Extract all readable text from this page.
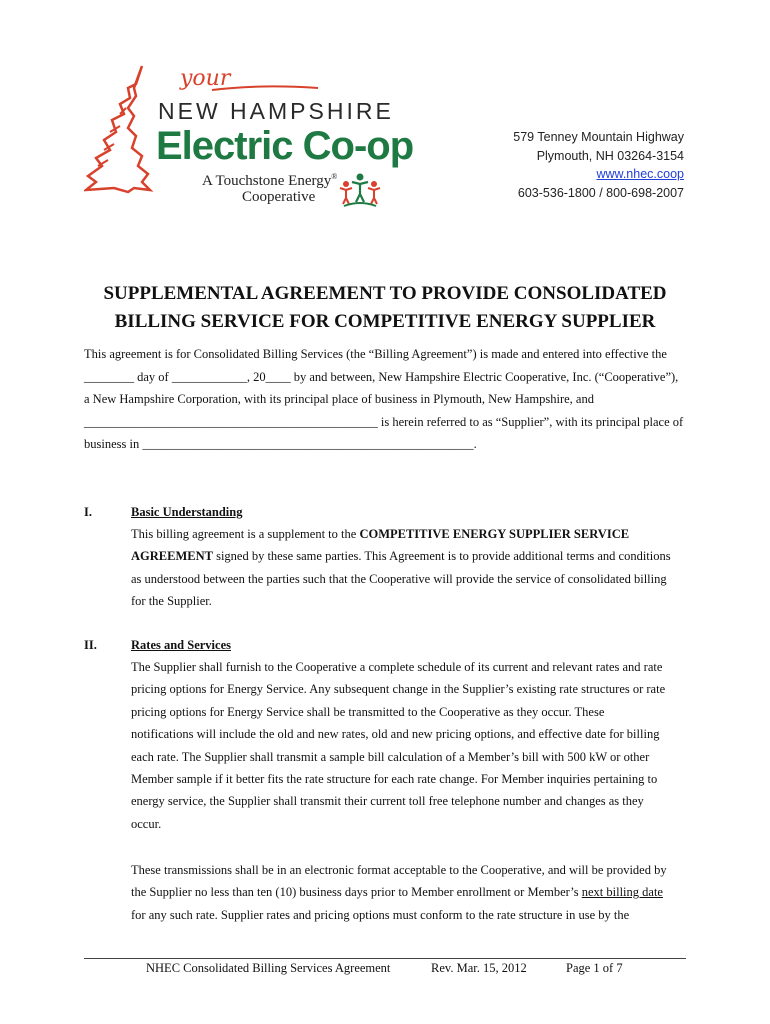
your
NEW HAMPSHIRE
Electric Co-op
A Touchstone Energy®
Cooperative
579 Tenney Mountain Highway
Plymouth, NH 03264-3154
www.nhec.coop
603-536-1800 / 800-698-2007
SUPPLEMENTAL AGREEMENT TO PROVIDE CONSOLIDATED
BILLING SERVICE FOR COMPETITIVE ENERGY SUPPLIER
This agreement is for Consolidated Billing Services (the “Billing Agreement”) is made and entered into effective the
________ day of ____________, 20____ by and between, New Hampshire Electric Cooperative, Inc. (“Cooperative”),
a New Hampshire Corporation, with its principal place of business in Plymouth, New Hampshire, and
_______________________________________________ is herein referred to as “Supplier”, with its principal place of
business in _____________________________________________________.
I.	Basic Understanding
This billing agreement is a supplement to the COMPETITIVE ENERGY SUPPLIER SERVICE
AGREEMENT signed by these same parties. This Agreement is to provide additional terms and conditions
as understood between the parties such that the Cooperative will provide the service of consolidated billing
for the Supplier.
II.	Rates and Services
The Supplier shall furnish to the Cooperative a complete schedule of its current and relevant rates and rate
pricing options for Energy Service. Any subsequent change in the Supplier’s existing rate structures or rate
pricing options for Energy Service shall be transmitted to the Cooperative as they occur. These
notifications will include the old and new rates, old and new pricing options, and effective date for billing
each rate. The Supplier shall transmit a sample bill calculation of a Member’s bill with 500 kW or other
Member sample if it better fits the rate structure for each rate change. For Member inquiries pertaining to
energy service, the Supplier shall transmit their current toll free telephone number and changes as they
occur.
These transmissions shall be in an electronic format acceptable to the Cooperative, and will be provided by
the Supplier no less than ten (10) business days prior to Member enrollment or Member’s next billing date
for any such rate. Supplier rates and pricing options must conform to the rate structure in use by the
NHEC Consolidated Billing Services Agreement	Rev. Mar. 15, 2012	Page 1 of 7
